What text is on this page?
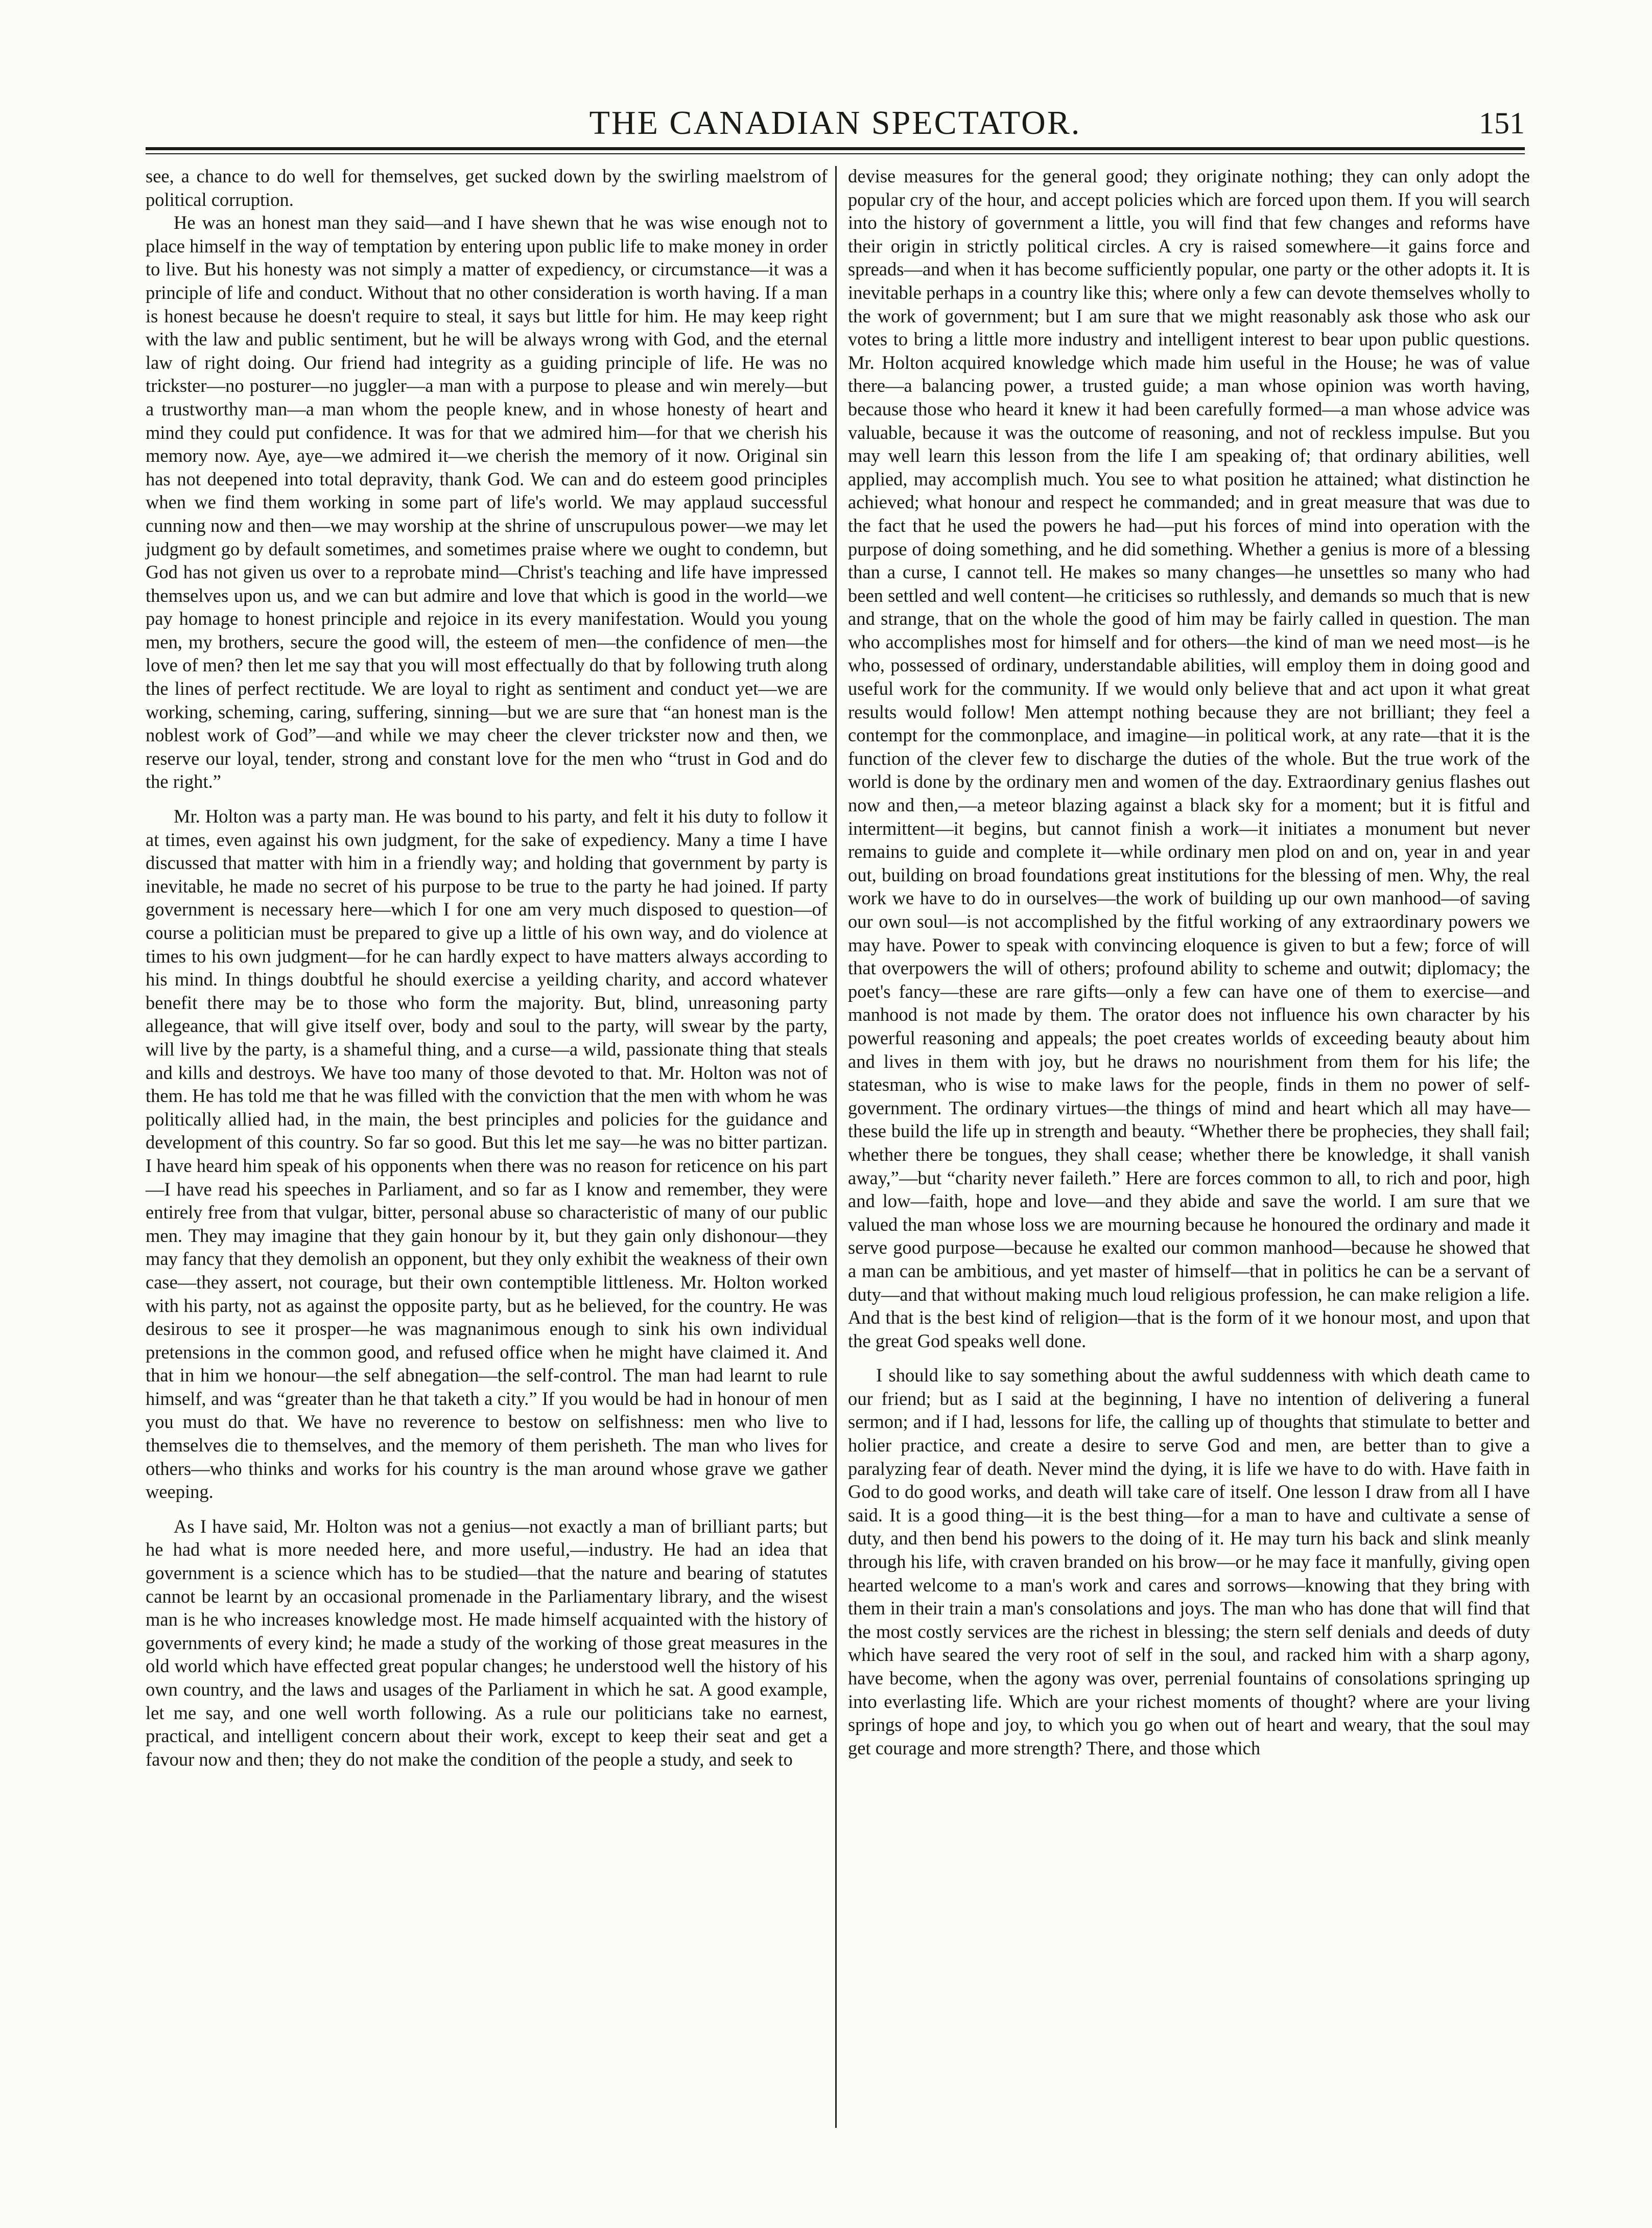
THE CANADIAN SPECTATOR.	151

see, a chance to do well for themselves, get sucked down by the swirling maelstrom of political corruption.

He was an honest man they said—and I have shewn that he was wise enough not to place himself in the way of temptation by entering upon public life to make money in order to live. But his honesty was not simply a matter of expediency, or circumstance—it was a principle of life and conduct. Without that no other consideration is worth having. If a man is honest because he doesn't require to steal, it says but little for him. He may keep right with the law and public sentiment, but he will be always wrong with God, and the eternal law of right doing. Our friend had integrity as a guiding principle of life. He was no trickster—no posturer—no juggler—a man with a purpose to please and win merely—but a trustworthy man—a man whom the people knew, and in whose honesty of heart and mind they could put confidence. It was for that we admired him—for that we cherish his memory now. Aye, aye—we admired it—we cherish the memory of it now. Original sin has not deepened into total depravity, thank God. We can and do esteem good principles when we find them working in some part of life's world. We may applaud successful cunning now and then—we may worship at the shrine of unscrupulous power—we may let judgment go by default sometimes, and sometimes praise where we ought to condemn, but God has not given us over to a reprobate mind—Christ's teaching and life have impressed themselves upon us, and we can but admire and love that which is good in the world—we pay homage to honest principle and rejoice in its every manifestation. Would you young men, my brothers, secure the good will, the esteem of men—the confidence of men—the love of men? then let me say that you will most effectually do that by following truth along the lines of perfect rectitude. We are loyal to right as sentiment and conduct yet—we are working, scheming, caring, suffering, sinning—but we are sure that “an honest man is the noblest work of God”—and while we may cheer the clever trickster now and then, we reserve our loyal, tender, strong and constant love for the men who “trust in God and do the right.”

Mr. Holton was a party man. He was bound to his party, and felt it his duty to follow it at times, even against his own judgment, for the sake of expediency. Many a time I have discussed that matter with him in a friendly way; and holding that government by party is inevitable, he made no secret of his purpose to be true to the party he had joined. If party government is necessary here—which I for one am very much disposed to question—of course a politician must be prepared to give up a little of his own way, and do violence at times to his own judgment—for he can hardly expect to have matters always according to his mind. In things doubtful he should exercise a yeilding charity, and accord whatever benefit there may be to those who form the majority. But, blind, unreasoning party allegeance, that will give itself over, body and soul to the party, will swear by the party, will live by the party, is a shameful thing, and a curse—a wild, passionate thing that steals and kills and destroys. We have too many of those devoted to that. Mr. Holton was not of them. He has told me that he was filled with the conviction that the men with whom he was politically allied had, in the main, the best principles and policies for the guidance and development of this country. So far so good. But this let me say—he was no bitter partizan. I have heard him speak of his opponents when there was no reason for reticence on his part—I have read his speeches in Parliament, and so far as I know and remember, they were entirely free from that vulgar, bitter, personal abuse so characteristic of many of our public men. They may imagine that they gain honour by it, but they gain only dishonour—they may fancy that they demolish an opponent, but they only exhibit the weakness of their own case—they assert, not courage, but their own contemptible littleness. Mr. Holton worked with his party, not as against the opposite party, but as he believed, for the country. He was desirous to see it prosper—he was magnanimous enough to sink his own individual pretensions in the common good, and refused office when he might have claimed it. And that in him we honour—the self abnegation—the self-control. The man had learnt to rule himself, and was “greater than he that taketh a city.” If you would be had in honour of men you must do that. We have no reverence to bestow on selfishness: men who live to themselves die to themselves, and the memory of them perisheth. The man who lives for others—who thinks and works for his country is the man around whose grave we gather weeping.

As I have said, Mr. Holton was not a genius—not exactly a man of brilliant parts; but he had what is more needed here, and more useful,—industry. He had an idea that government is a science which has to be studied—that the nature and bearing of statutes cannot be learnt by an occasional promenade in the Parliamentary library, and the wisest man is he who increases knowledge most. He made himself acquainted with the history of governments of every kind; he made a study of the working of those great measures in the old world which have effected great popular changes; he understood well the history of his own country, and the laws and usages of the Parliament in which he sat. A good example, let me say, and one well worth following. As a rule our politicians take no earnest, practical, and intelligent concern about their work, except to keep their seat and get a favour now and then; they do not make the condition of the people a study, and seek to

devise measures for the general good; they originate nothing; they can only adopt the popular cry of the hour, and accept policies which are forced upon them. If you will search into the history of government a little, you will find that few changes and reforms have their origin in strictly political circles. A cry is raised somewhere—it gains force and spreads—and when it has become sufficiently popular, one party or the other adopts it. It is inevitable perhaps in a country like this; where only a few can devote themselves wholly to the work of government; but I am sure that we might reasonably ask those who ask our votes to bring a little more industry and intelligent interest to bear upon public questions. Mr. Holton acquired knowledge which made him useful in the House; he was of value there—a balancing power, a trusted guide; a man whose opinion was worth having, because those who heard it knew it had been carefully formed—a man whose advice was valuable, because it was the outcome of reasoning, and not of reckless impulse. But you may well learn this lesson from the life I am speaking of; that ordinary abilities, well applied, may accomplish much. You see to what position he attained; what distinction he achieved; what honour and respect he commanded; and in great measure that was due to the fact that he used the powers he had—put his forces of mind into operation with the purpose of doing something, and he did something. Whether a genius is more of a blessing than a curse, I cannot tell. He makes so many changes—he unsettles so many who had been settled and well content—he criticises so ruthlessly, and demands so much that is new and strange, that on the whole the good of him may be fairly called in question. The man who accomplishes most for himself and for others—the kind of man we need most—is he who, possessed of ordinary, understandable abilities, will employ them in doing good and useful work for the community. If we would only believe that and act upon it what great results would follow! Men attempt nothing because they are not brilliant; they feel a contempt for the commonplace, and imagine—in political work, at any rate—that it is the function of the clever few to discharge the duties of the whole. But the true work of the world is done by the ordinary men and women of the day. Extraordinary genius flashes out now and then,—a meteor blazing against a black sky for a moment; but it is fitful and intermittent—it begins, but cannot finish a work—it initiates a monument but never remains to guide and complete it—while ordinary men plod on and on, year in and year out, building on broad foundations great institutions for the blessing of men. Why, the real work we have to do in ourselves—the work of building up our own manhood—of saving our own soul—is not accomplished by the fitful working of any extraordinary powers we may have. Power to speak with convincing eloquence is given to but a few; force of will that overpowers the will of others; profound ability to scheme and outwit; diplomacy; the poet's fancy—these are rare gifts—only a few can have one of them to exercise—and manhood is not made by them. The orator does not influence his own character by his powerful reasoning and appeals; the poet creates worlds of exceeding beauty about him and lives in them with joy, but he draws no nourishment from them for his life; the statesman, who is wise to make laws for the people, finds in them no power of self-government. The ordinary virtues—the things of mind and heart which all may have—these build the life up in strength and beauty. “Whether there be prophecies, they shall fail; whether there be tongues, they shall cease; whether there be knowledge, it shall vanish away,”—but “charity never faileth.” Here are forces common to all, to rich and poor, high and low—faith, hope and love—and they abide and save the world. I am sure that we valued the man whose loss we are mourning because he honoured the ordinary and made it serve good purpose—because he exalted our common manhood—because he showed that a man can be ambitious, and yet master of himself—that in politics he can be a servant of duty—and that without making much loud religious profession, he can make religion a life. And that is the best kind of religion—that is the form of it we honour most, and upon that the great God speaks well done.

I should like to say something about the awful suddenness with which death came to our friend; but as I said at the beginning, I have no intention of delivering a funeral sermon; and if I had, lessons for life, the calling up of thoughts that stimulate to better and holier practice, and create a desire to serve God and men, are better than to give a paralyzing fear of death. Never mind the dying, it is life we have to do with. Have faith in God to do good works, and death will take care of itself. One lesson I draw from all I have said. It is a good thing—it is the best thing—for a man to have and cultivate a sense of duty, and then bend his powers to the doing of it. He may turn his back and slink meanly through his life, with craven branded on his brow—or he may face it manfully, giving open hearted welcome to a man's work and cares and sorrows—knowing that they bring with them in their train a man's consolations and joys. The man who has done that will find that the most costly services are the richest in blessing; the stern self denials and deeds of duty which have seared the very root of self in the soul, and racked him with a sharp agony, have become, when the agony was over, perrenial fountains of consolations springing up into everlasting life. Which are your richest moments of thought? where are your living springs of hope and joy, to which you go when out of heart and weary, that the soul may get courage and more strength? There, and those which
